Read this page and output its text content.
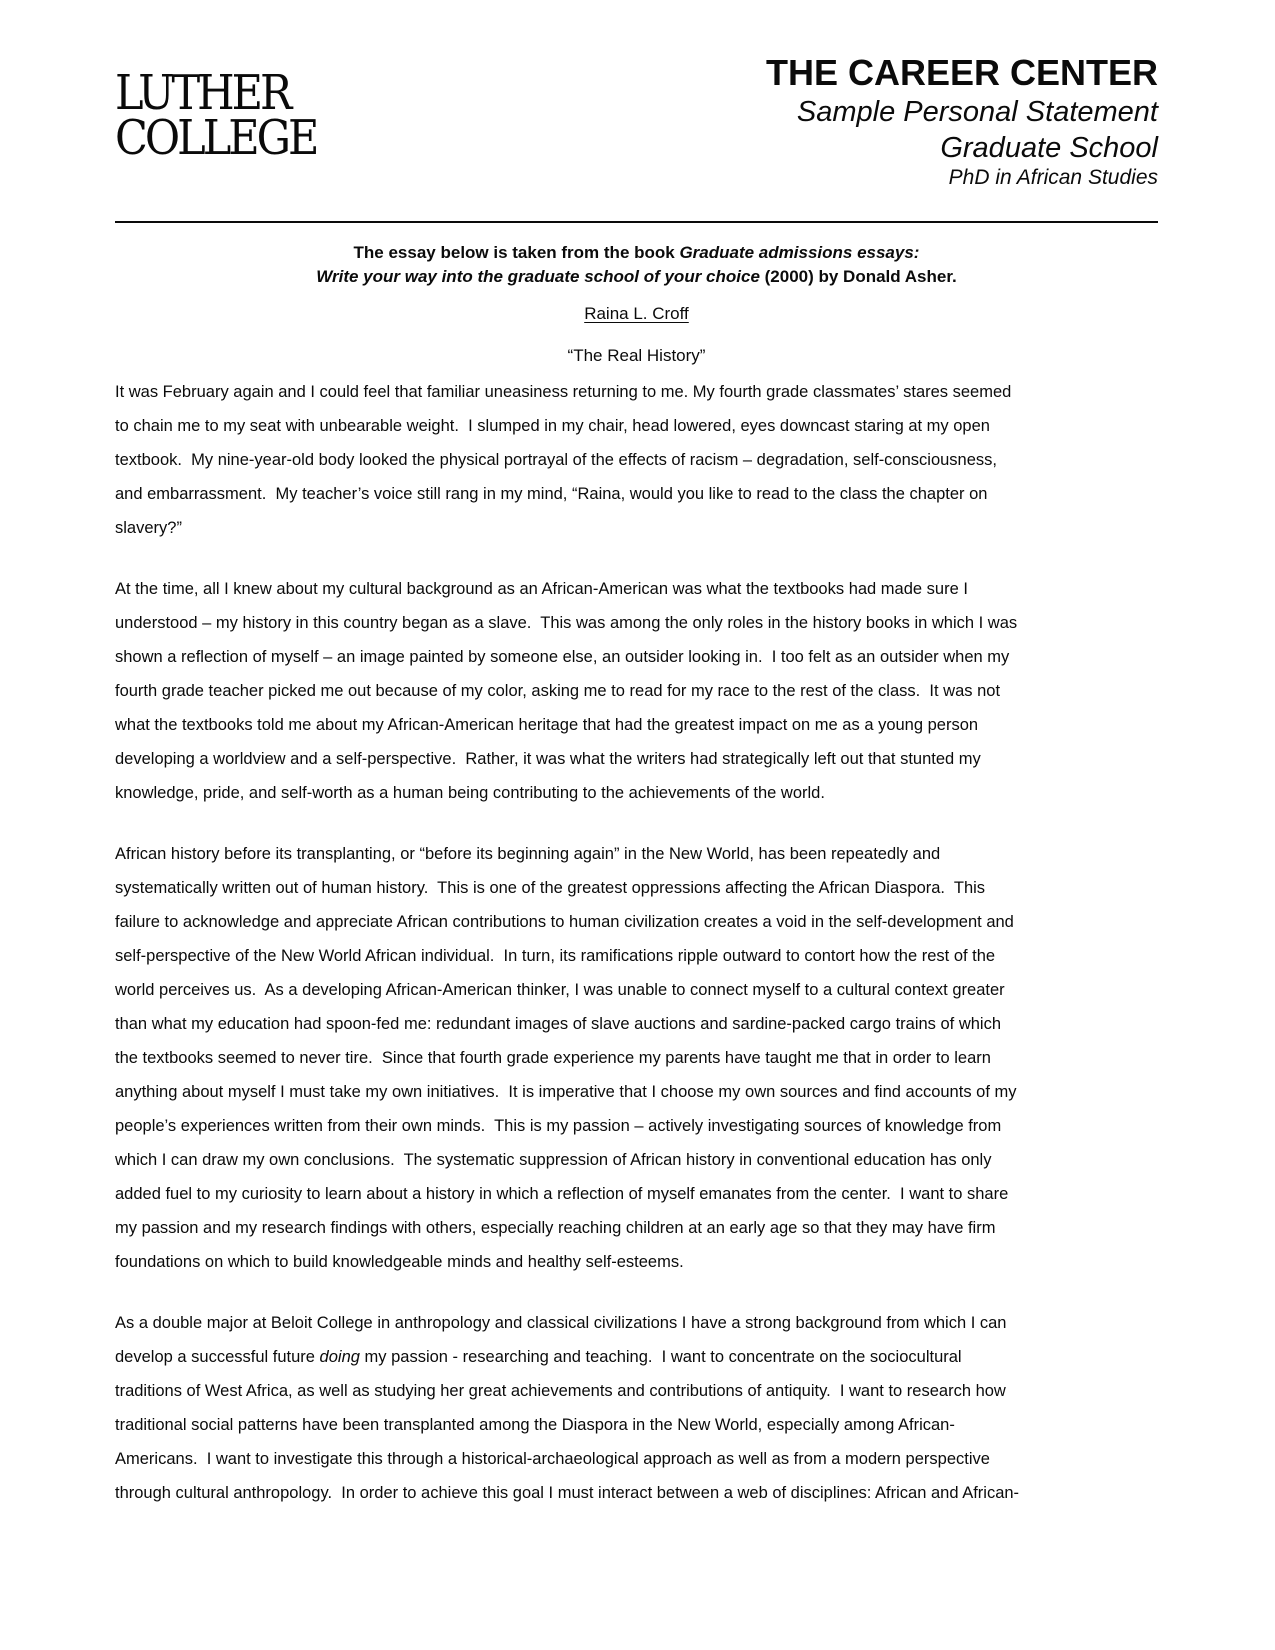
LUTHER
COLLEGE
THE CAREER CENTER
Sample Personal Statement
Graduate School
PhD in African Studies
The essay below is taken from the book Graduate admissions essays:
Write your way into the graduate school of your choice (2000) by Donald Asher.
Raina L. Croff
“The Real History”

It was February again and I could feel that familiar uneasiness returning to me. My fourth grade classmates’ stares seemed
to chain me to my seat with unbearable weight.  I slumped in my chair, head lowered, eyes downcast staring at my open
textbook.  My nine-year-old body looked the physical portrayal of the effects of racism – degradation, self-consciousness,
and embarrassment.  My teacher’s voice still rang in my mind, “Raina, would you like to read to the class the chapter on
slavery?”

At the time, all I knew about my cultural background as an African-American was what the textbooks had made sure I
understood – my history in this country began as a slave.  This was among the only roles in the history books in which I was
shown a reflection of myself – an image painted by someone else, an outsider looking in.  I too felt as an outsider when my
fourth grade teacher picked me out because of my color, asking me to read for my race to the rest of the class.  It was not
what the textbooks told me about my African-American heritage that had the greatest impact on me as a young person
developing a worldview and a self-perspective.  Rather, it was what the writers had strategically left out that stunted my
knowledge, pride, and self-worth as a human being contributing to the achievements of the world.

African history before its transplanting, or “before its beginning again” in the New World, has been repeatedly and
systematically written out of human history.  This is one of the greatest oppressions affecting the African Diaspora.  This
failure to acknowledge and appreciate African contributions to human civilization creates a void in the self-development and
self-perspective of the New World African individual.  In turn, its ramifications ripple outward to contort how the rest of the
world perceives us.  As a developing African-American thinker, I was unable to connect myself to a cultural context greater
than what my education had spoon-fed me: redundant images of slave auctions and sardine-packed cargo trains of which
the textbooks seemed to never tire.  Since that fourth grade experience my parents have taught me that in order to learn
anything about myself I must take my own initiatives.  It is imperative that I choose my own sources and find accounts of my
people’s experiences written from their own minds.  This is my passion – actively investigating sources of knowledge from
which I can draw my own conclusions.  The systematic suppression of African history in conventional education has only
added fuel to my curiosity to learn about a history in which a reflection of myself emanates from the center.  I want to share
my passion and my research findings with others, especially reaching children at an early age so that they may have firm
foundations on which to build knowledgeable minds and healthy self-esteems.

As a double major at Beloit College in anthropology and classical civilizations I have a strong background from which I can
develop a successful future doing my passion - researching and teaching.  I want to concentrate on the sociocultural
traditions of West Africa, as well as studying her great achievements and contributions of antiquity.  I want to research how
traditional social patterns have been transplanted among the Diaspora in the New World, especially among African-
Americans.  I want to investigate this through a historical-archaeological approach as well as from a modern perspective
through cultural anthropology.  In order to achieve this goal I must interact between a web of disciplines: African and African-
